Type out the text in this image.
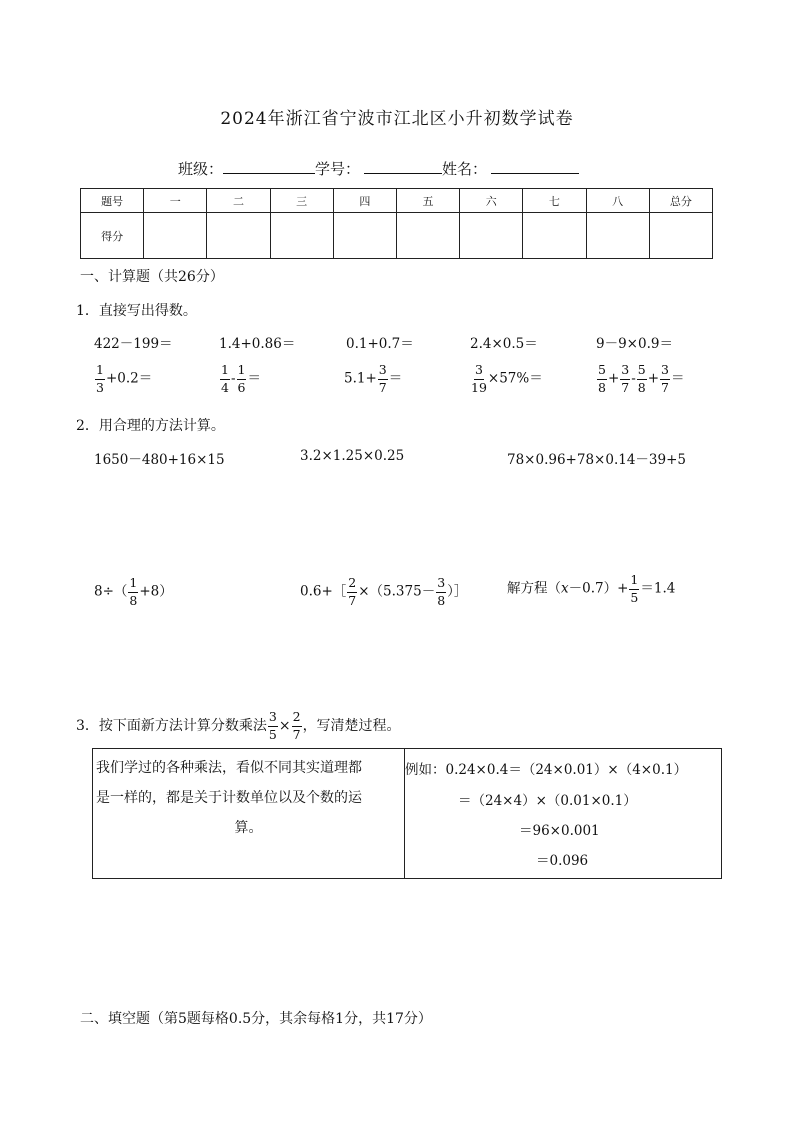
2024年浙江省宁波市江北区小升初数学试卷
班级：	学号：	姓名：
题号	一	二	三	四	五	六	七	八	总分
得分									
一、计算题（共26分）
1．直接写出得数。
422－199＝	1.4+0.86＝	0.1+0.7＝	2.4×0.5＝	9－9×0.9＝
$\frac{1}{3} +0.2=$	$\frac{1}{4} - \frac{1}{6}$ ＝	$5.1+ \frac{3}{7}$ ＝	$\frac{3}{19} \times 57\%=$	$\frac{5}{8} + \frac{3}{7} - \frac{5}{8} + \frac{3}{7}$ ＝
2．用合理的方法计算。
1650－480+16×15	3.2×1.25×0.25	78×0.96+78×0.14－39+5
$8\div( \frac{1}{8} +8)$	0.6+［ $\frac{2}{7} \times(5.375- \frac{3}{8}$ ）］	解方程$(x-0.7)+ \frac{1}{5} =1.4$
3．按下面新方法计算分数乘法 $\frac{3}{5} \times \frac{2}{7}$ ，写清楚过程。

我们学过的各种乘法，看似不同其实道理都

是一样的，都是关于计数单位以及个数的运

算。

例如：0.24×0.4＝（24×0.01）×（4×0.1）
＝（24×4）×（0.01×0.1）
＝96×0.001
＝0.096
二、填空题（第5题每格0.5分，其余每格1分，共17分）
